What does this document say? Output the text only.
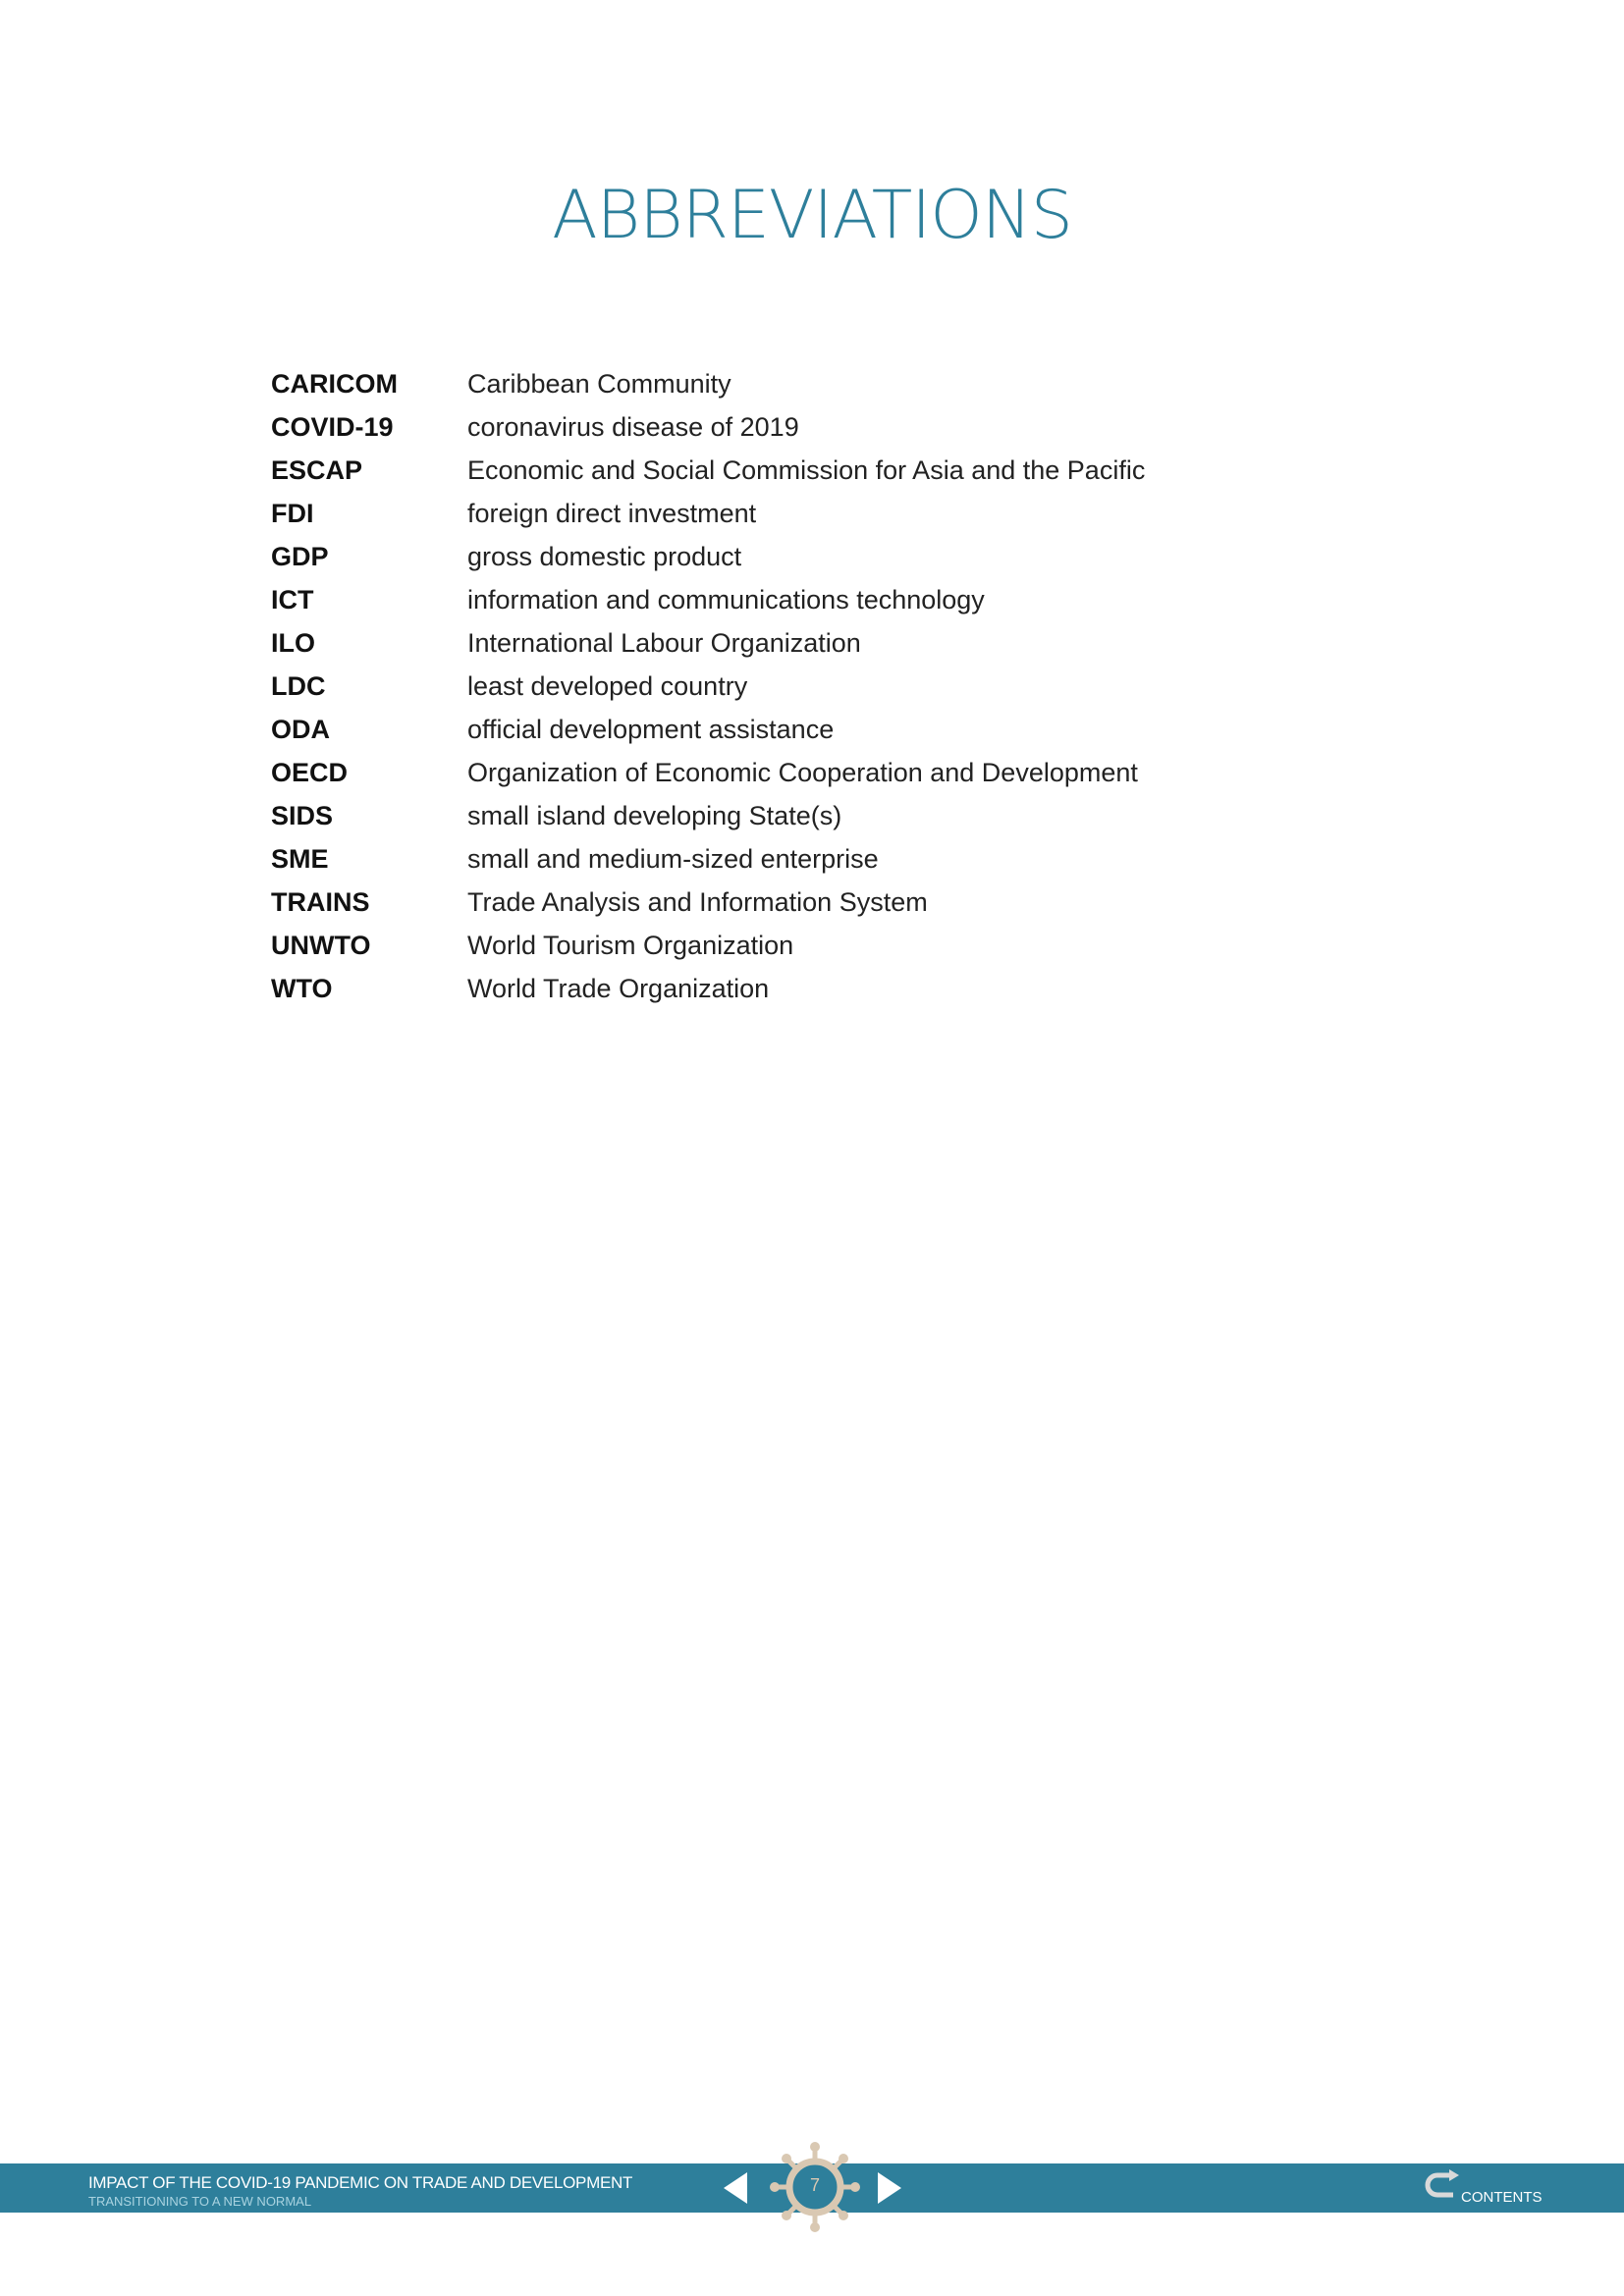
ABBREVIATIONS
CARICOM	Caribbean Community
COVID-19	coronavirus disease of 2019
ESCAP	Economic and Social Commission for Asia and the Pacific
FDI	foreign direct investment
GDP	gross domestic product
ICT	information and communications technology
ILO	International Labour Organization
LDC	least developed country
ODA	official development assistance
OECD	Organization of Economic Cooperation and Development
SIDS	small island developing State(s)
SME	small and medium-sized enterprise
TRAINS	Trade Analysis and Information System
UNWTO	World Tourism Organization
WTO	World Trade Organization
IMPACT OF THE COVID-19 PANDEMIC ON TRADE AND DEVELOPMENT
TRANSITIONING TO A NEW NORMAL
7
CONTENTS
